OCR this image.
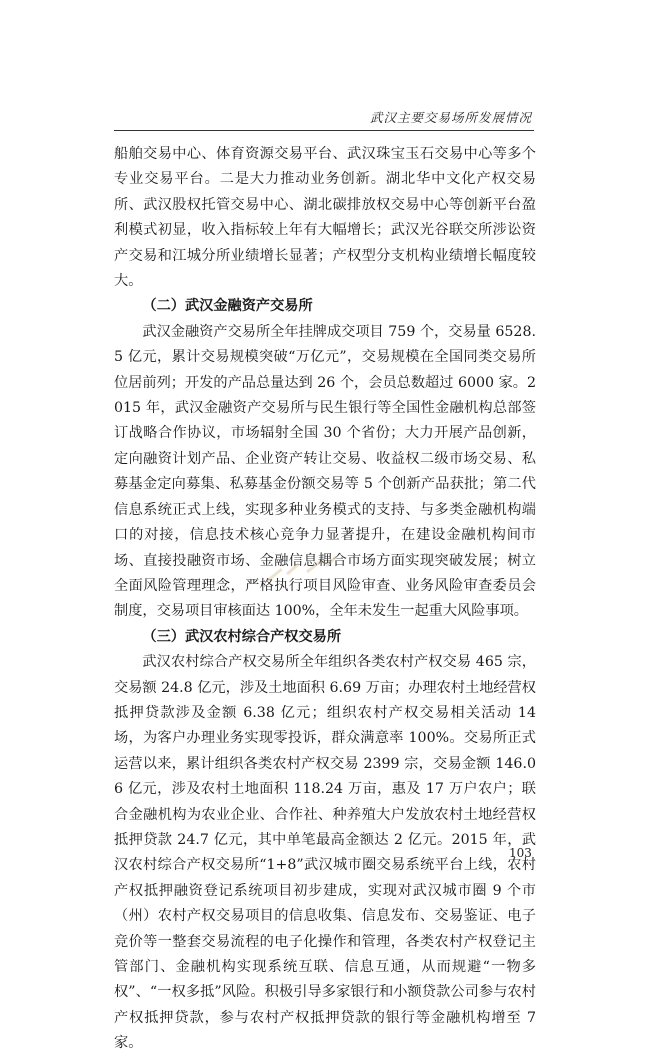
武汉主要交易场所发展情况

船舶交易中心、体育资源交易平台、武汉珠宝玉石交易中心等多个专业交易平台。二是大力推动业务创新。湖北华中文化产权交易所、武汉股权托管交易中心、湖北碳排放权交易中心等创新平台盈利模式初显，收入指标较上年有大幅增长；武汉光谷联交所涉讼资产交易和江城分所业绩增长显著；产权型分支机构业绩增长幅度较大。

（二）武汉金融资产交易所

武汉金融资产交易所全年挂牌成交项目 759 个，交易量 6528.5 亿元，累计交易规模突破“万亿元”，交易规模在全国同类交易所位居前列；开发的产品总量达到 26 个，会员总数超过 6000 家。2015 年，武汉金融资产交易所与民生银行等全国性金融机构总部签订战略合作协议，市场辐射全国 30 个省份；大力开展产品创新，定向融资计划产品、企业资产转让交易、收益权二级市场交易、私募基金定向募集、私募基金份额交易等 5 个创新产品获批；第二代信息系统正式上线，实现多种业务模式的支持、与多类金融机构端口的对接，信息技术核心竞争力显著提升，在建设金融机构间市场、直接投融资市场、金融信息耦合市场方面实现突破发展；树立全面风险管理理念，严格执行项目风险审查、业务风险审查委员会制度，交易项目审核面达 100%，全年未发生一起重大风险事项。

（三）武汉农村综合产权交易所

武汉农村综合产权交易所全年组织各类农村产权交易 465 宗，交易额 24.8 亿元，涉及土地面积 6.69 万亩；办理农村土地经营权抵押贷款涉及金额 6.38 亿元；组织农村产权交易相关活动 14 场，为客户办理业务实现零投诉，群众满意率 100%。交易所正式运营以来，累计组织各类农村产权交易 2399 宗，交易金额 146.06 亿元，涉及农村土地面积 118.24 万亩，惠及 17 万户农户；联合金融机构为农业企业、合作社、种养殖大户发放农村土地经营权抵押贷款 24.7 亿元，其中单笔最高金额达 2 亿元。2015 年，武汉农村综合产权交易所“1+8”武汉城市圈交易系统平台上线，农村产权抵押融资登记系统项目初步建成，实现对武汉城市圈 9 个市（州）农村产权交易项目的信息收集、信息发布、交易鉴证、电子竞价等一整套交易流程的电子化操作和管理，各类农村产权登记主管部门、金融机构实现系统互联、信息互通，从而规避“一物多权”、“一权多抵”风险。积极引导多家银行和小额贷款公司参与农村产权抵押贷款，参与农村产权抵押贷款的银行等金融机构增至 7 家。

103
